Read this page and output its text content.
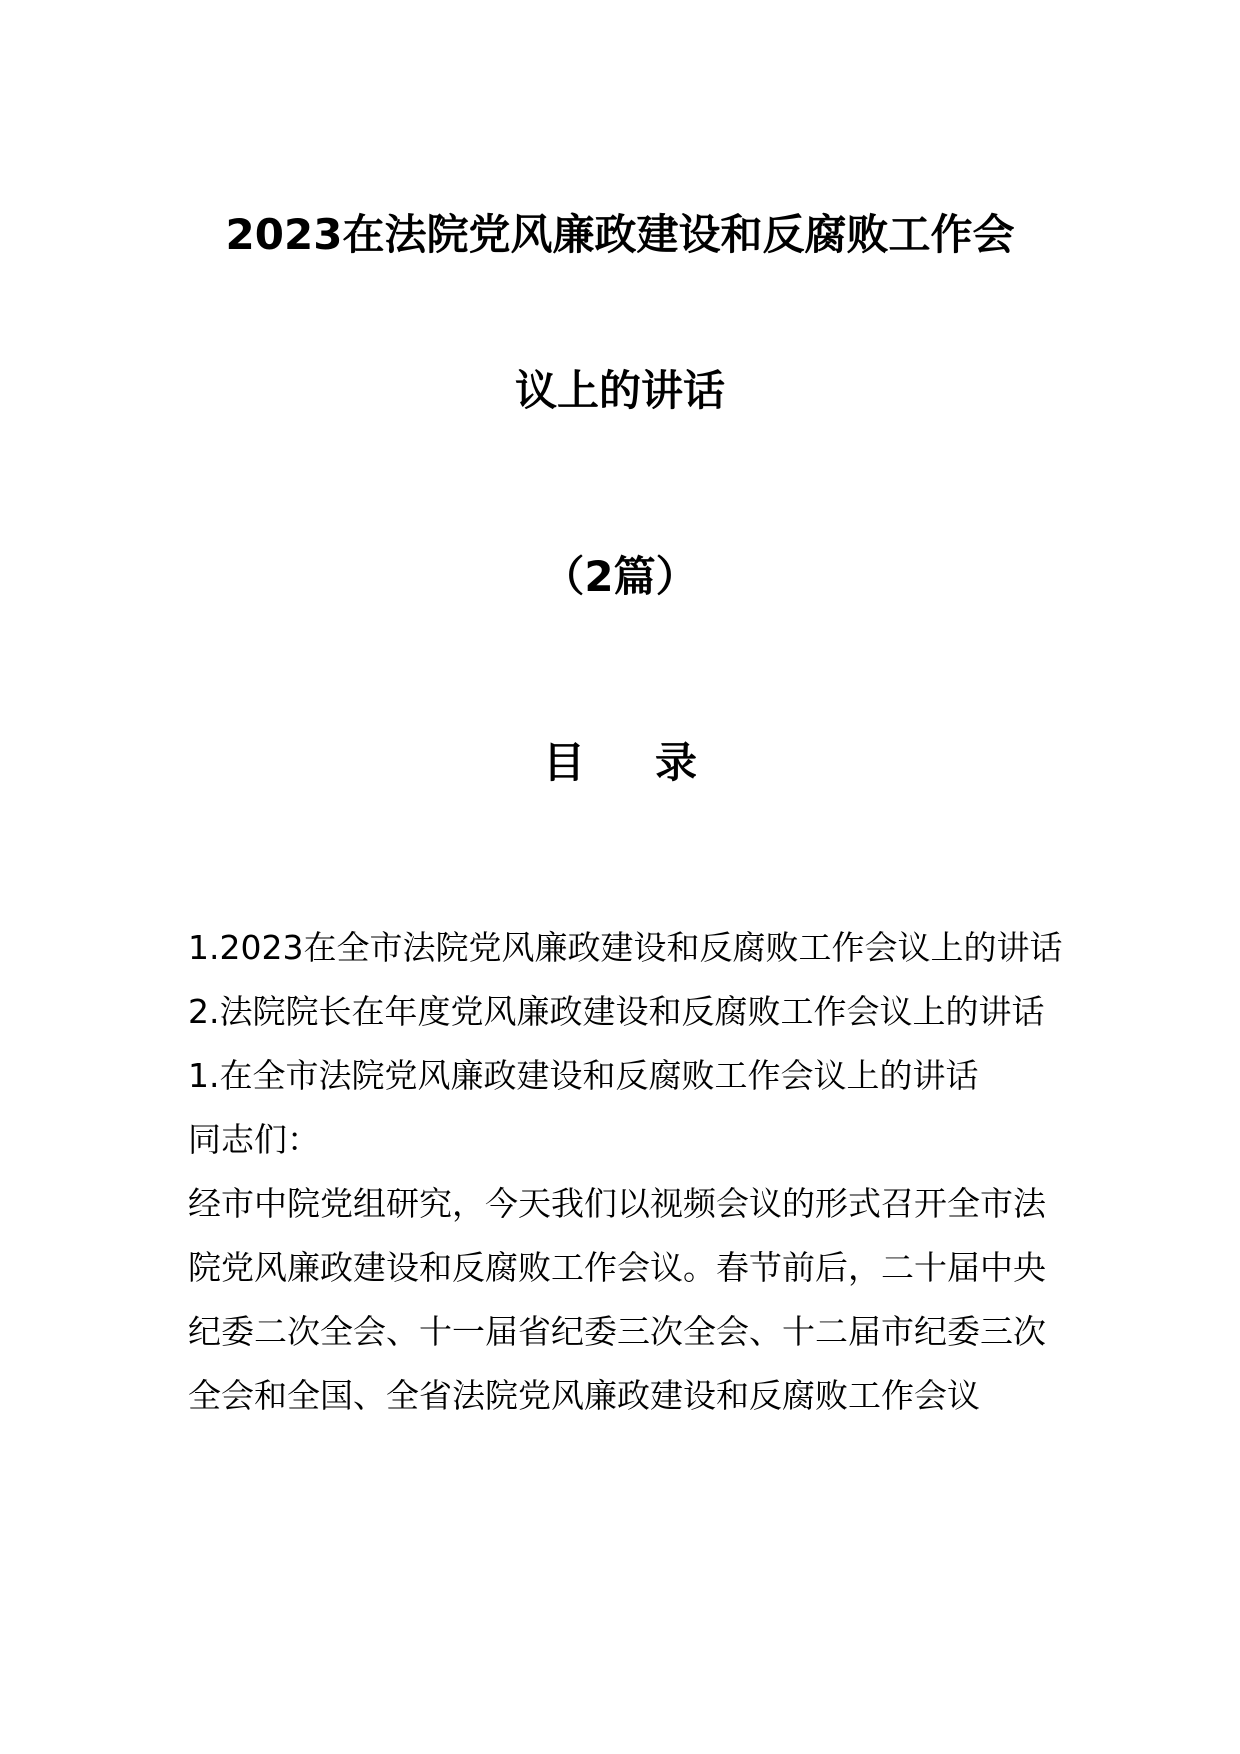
2023在法院党风廉政建设和反腐败工作会
议上的讲话
（2篇）
目 录

1.2023在全市法院党风廉政建设和反腐败工作会议上的讲话

2.法院院长在年度党风廉政建设和反腐败工作会议上的讲话

1.在全市法院党风廉政建设和反腐败工作会议上的讲话

同志们：

经市中院党组研究，今天我们以视频会议的形式召开全市法院党风廉政建设和反腐败工作会议。春节前后，二十届中央纪委二次全会、十一届省纪委三次全会、十二届市纪委三次全会和全国、全省法院党风廉政建设和反腐败工作会议
